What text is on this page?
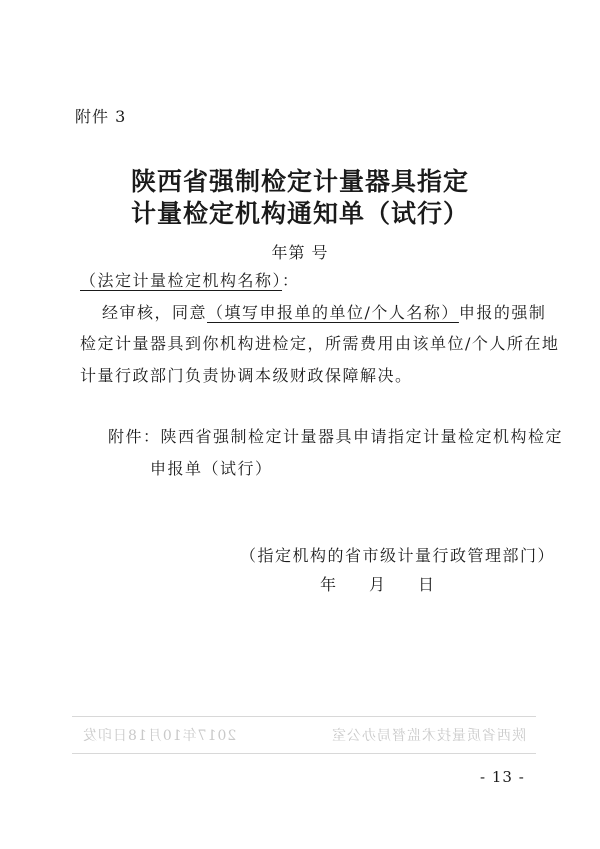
附件 3
陕西省强制检定计量器具指定
计量检定机构通知单（试行）
年第 号
（法定计量检定机构名称）：
经审核，同意（填写申报单的单位/个人名称）申报的强制
检定计量器具到你机构进检定，所需费用由该单位/个人所在地
计量行政部门负责协调本级财政保障解决。
附件：陕西省强制检定计量器具申请指定计量检定机构检定
申报单（试行）
（指定机构的省市级计量行政管理部门）
年 月 日
2017年10月18日印发	陕西省质量技术监督局办公室
- 13 -
